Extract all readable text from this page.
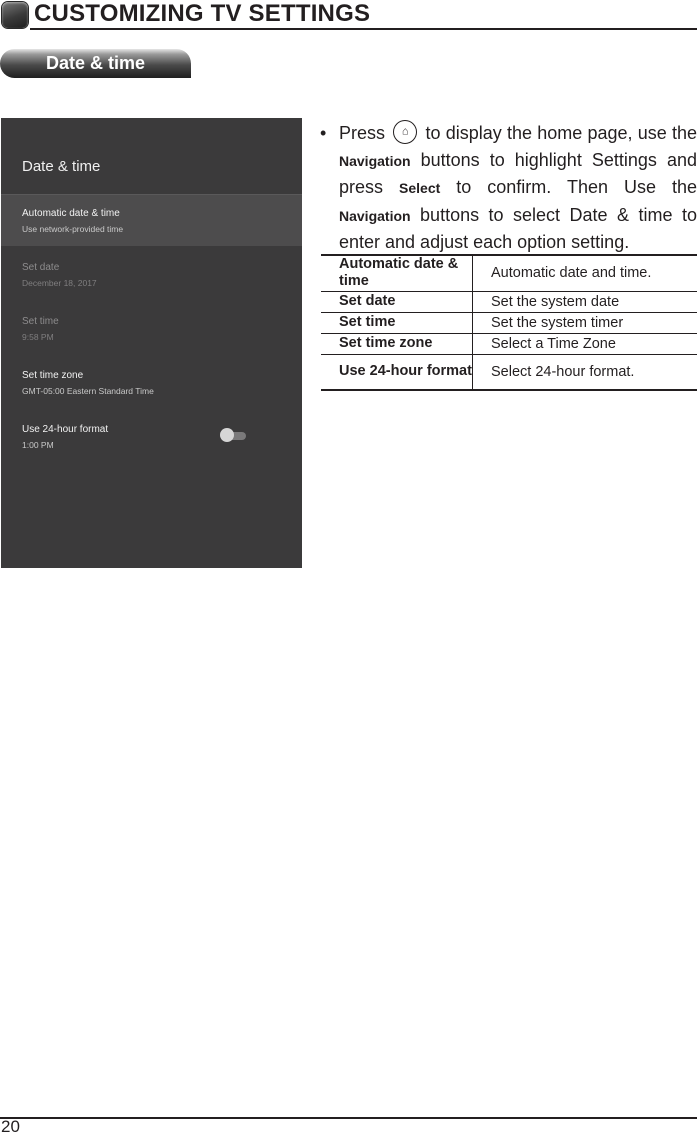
CUSTOMIZING TV SETTINGS
Date & time
Date & time
Automatic date & time
Use network-provided time
Set date
December 18, 2017
Set time
9:58 PM
Set time zone
GMT-05:00 Eastern Standard Time
Use 24-hour format
1:00 PM
• Press ⌂ to display the home page, use the Navigation buttons to highlight Settings and press Select to confirm. Then Use the Navigation buttons to select Date & time to enter and adjust each option setting.
Automatic date & time	Automatic date and time.
Set date	Set the system date
Set time	Set the system timer
Set time zone	Select a Time Zone
Use 24-hour format	Select 24-hour format.
20
